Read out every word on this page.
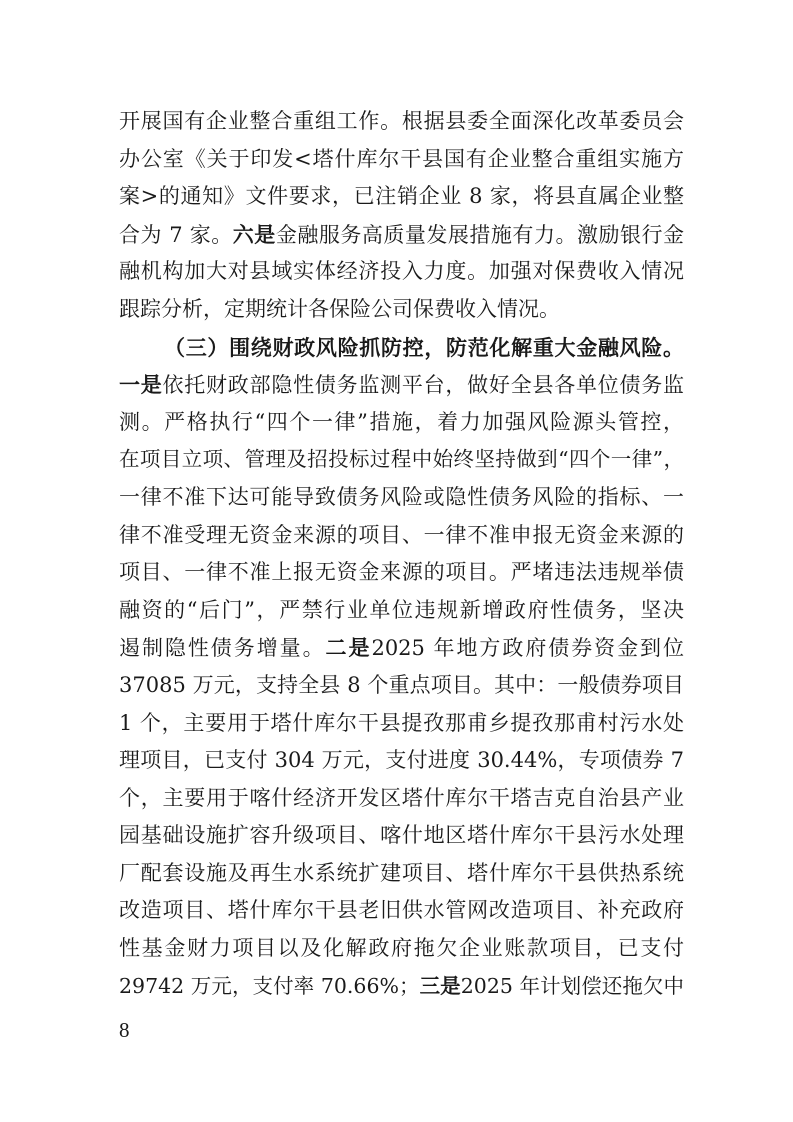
开展国有企业整合重组工作。根据县委全面深化改革委员会
办公室《关于印发<塔什库尔干县国有企业整合重组实施方
案>的通知》文件要求，已注销企业 8 家，将县直属企业整
合为 7 家。六是金融服务高质量发展措施有力。激励银行金
融机构加大对县域实体经济投入力度。加强对保费收入情况
跟踪分析，定期统计各保险公司保费收入情况。
（三）围绕财政风险抓防控，防范化解重大金融风险。
一是依托财政部隐性债务监测平台，做好全县各单位债务监
测。严格执行“四个一律”措施，着力加强风险源头管控，
在项目立项、管理及招投标过程中始终坚持做到“四个一律”，
一律不准下达可能导致债务风险或隐性债务风险的指标、一
律不准受理无资金来源的项目、一律不准申报无资金来源的
项目、一律不准上报无资金来源的项目。严堵违法违规举债
融资的“后门”，严禁行业单位违规新增政府性债务，坚决
遏制隐性债务增量。二是2025 年地方政府债券资金到位
37085 万元，支持全县 8 个重点项目。其中：一般债券项目
1 个，主要用于塔什库尔干县提孜那甫乡提孜那甫村污水处
理项目，已支付 304 万元，支付进度 30.44%，专项债券 7
个，主要用于喀什经济开发区塔什库尔干塔吉克自治县产业
园基础设施扩容升级项目、喀什地区塔什库尔干县污水处理
厂配套设施及再生水系统扩建项目、塔什库尔干县供热系统
改造项目、塔什库尔干县老旧供水管网改造项目、补充政府
性基金财力项目以及化解政府拖欠企业账款项目，已支付
29742 万元，支付率 70.66%；三是2025 年计划偿还拖欠中
8
